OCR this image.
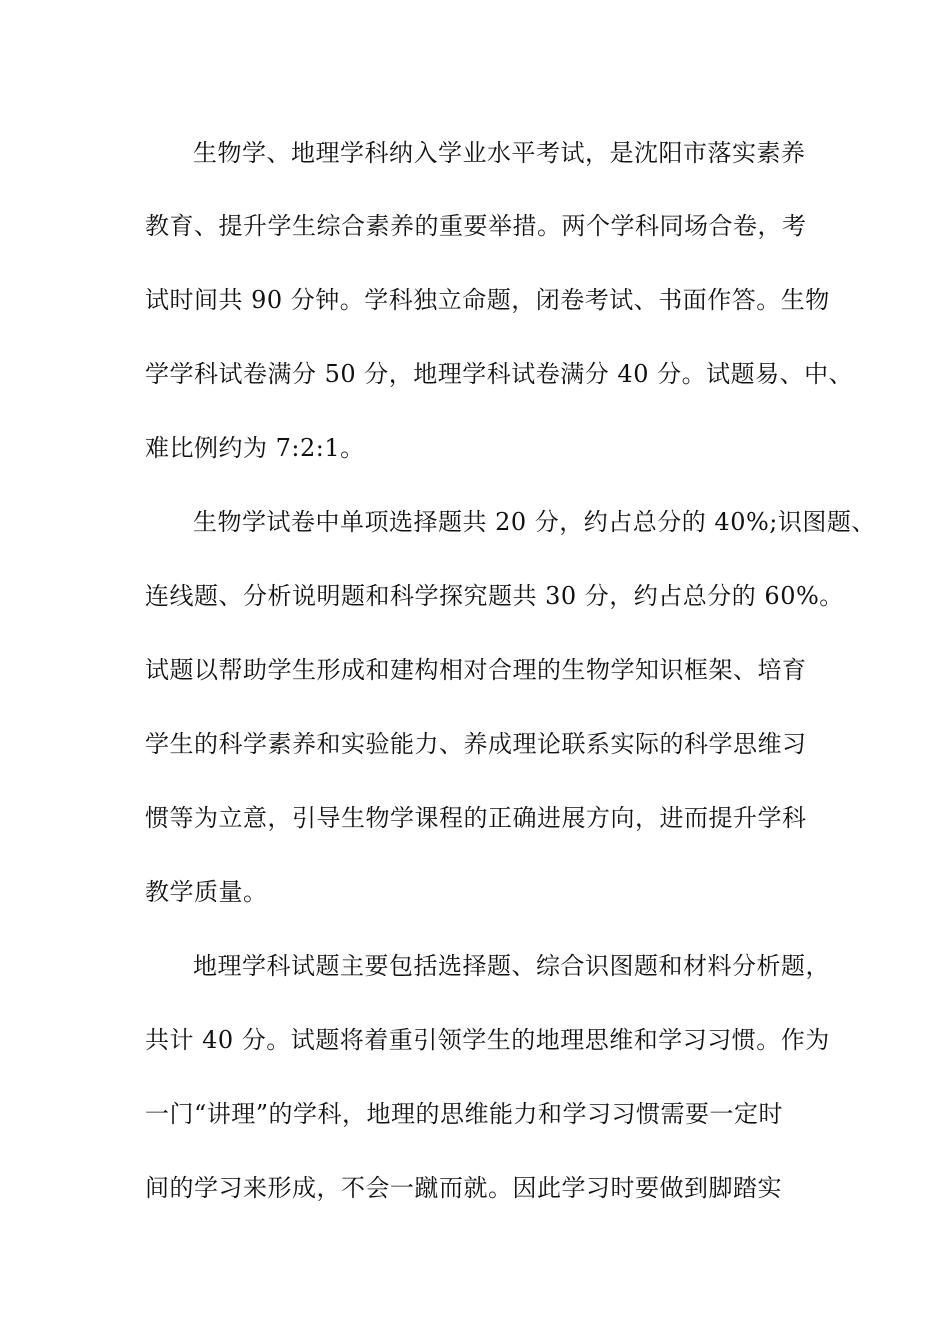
生物学、地理学科纳入学业水平考试，是沈阳市落实素养
教育、提升学生综合素养的重要举措。两个学科同场合卷，考
试时间共 90 分钟。学科独立命题，闭卷考试、书面作答。生物
学学科试卷满分 50 分，地理学科试卷满分 40 分。试题易、中、
难比例约为 7:2:1。
生物学试卷中单项选择题共 20 分，约占总分的 40%;识图题、
连线题、分析说明题和科学探究题共 30 分，约占总分的 60%。
试题以帮助学生形成和建构相对合理的生物学知识框架、培育
学生的科学素养和实验能力、养成理论联系实际的科学思维习
惯等为立意，引导生物学课程的正确进展方向，进而提升学科
教学质量。
地理学科试题主要包括选择题、综合识图题和材料分析题，
共计 40 分。试题将着重引领学生的地理思维和学习习惯。作为
一门“讲理”的学科，地理的思维能力和学习习惯需要一定时
间的学习来形成，不会一蹴而就。因此学习时要做到脚踏实
